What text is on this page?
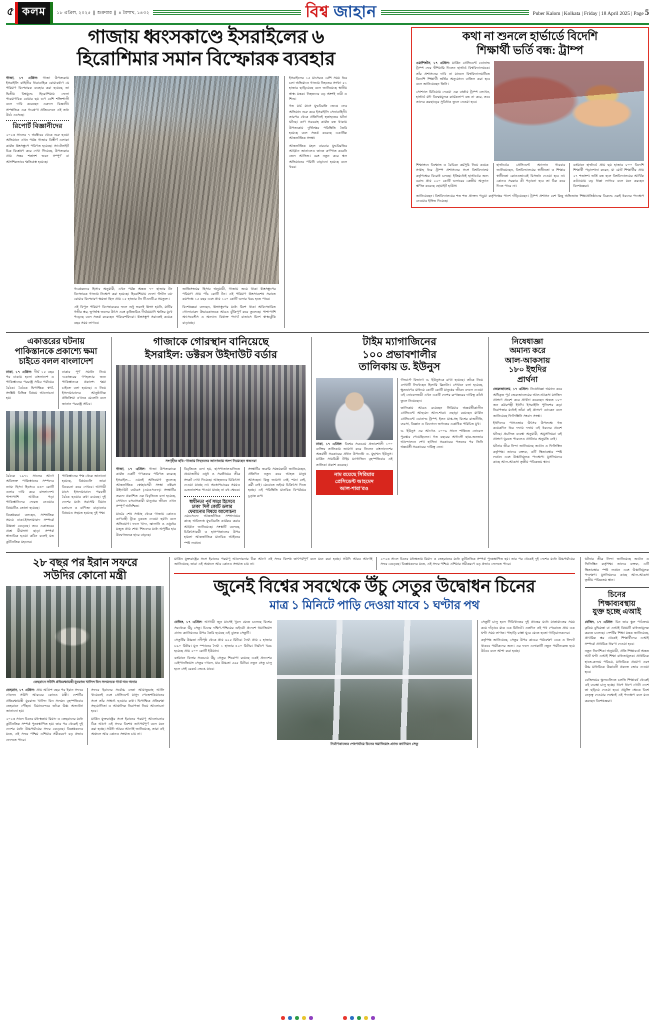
৫ কলম	১৮ এপ্রিল, ২০২৫ ❙ শুক্রবার ❙ ৪ বৈশাখ, ১৪৩২	বিশ্ব জাহান	Puber Kalom | Kolkata | Friday | 18 April 2025 | Page 5
গাজায় ধ্বংসকাণ্ডে ইসরাইলের ৬
হিরোশিমার সমান বিস্ফোরক ব্যবহার

গাজা, ১৭ এপ্রিল: গাজা উপত্যকায় ইসরাইলি বাহিনীর ধারাবাহিক বোমাবর্ষণে যে পরিমাণ বিস্ফোরক ব্যবহার করা হয়েছে, তা দ্বিতীয় বিশ্বযুদ্ধে হিরোশিমায় ফেলা পারমাণবিক বোমার ছয় গুণ বেশি শক্তিশালী বলে দাবি করেছেন একদল বিজ্ঞানী। সাম্প্রতিক এক গবেষণা প্রতিবেদনে এই তথ্য উঠে এসেছে।

রিপোর্ট বিজ্ঞানীদের

২০২৩ সালের ৭ অক্টোবর থেকে শুরু হওয়া অভিযানে এখন পর্যন্ত গাজার বিস্তীর্ণ এলাকা কার্যত ধ্বংসস্তূপে পরিণত হয়েছে। স্যাটেলাইট চিত্র বিশ্লেষণ করে দেখা গিয়েছে, উপত্যকার প্রায় সত্তর শতাংশ ভবন সম্পূর্ণ বা আংশিকভাবে ক্ষতিগ্রস্ত হয়েছে।

গবেষকদের হিসাব অনুযায়ী, এখন পর্যন্ত অন্তত ৭০ হাজার টন বিস্ফোরক গাজায় নিক্ষেপ করা হয়েছে। হিরোশিমায় ফেলা 'লিটল বয়' বোমার বিস্ফোরণ ক্ষমতা ছিল প্রায় ১৫ হাজার টন টিএনটি-র সমতুল্য।

এই বিপুল পরিমাণ বিস্ফোরকের ফলে শুধু ভবনই ধ্বংস হয়নি, মাটির গভীর স্তর, ভূগর্ভস্থ জলের উৎস এবং কৃষিজমিও দীর্ঘমেয়াদি ক্ষতির মুখে পড়েছে বলে সতর্ক করেছেন পরিবেশবিদরা। ধ্বংসস্তূপ সরাতেই কয়েক বছর সময় লাগবে।

জাতিসংঘের হিসাব অনুযায়ী, গাজায় জমে থাকা ধ্বংসস্তূপের পরিমাণ প্রায় পাঁচ কোটি টন। এই পরিমাণ ধ্বংসাবশেষ সরাতে কমপক্ষে ১৫ বছর এবং প্রায় ১২০ কোটি ডলার খরচ হতে পারে।

বিশেষজ্ঞরা বলছেন, ধ্বংসস্তূপের মধ্যে মিশে থাকা অবিস্ফোরিত গোলাবারুদ উদ্ধারকাজকে আরও ঝুঁকিপূর্ণ করে তুলেছে। পাশাপাশি অ্যাসবেস্টস ও অন্যান্য বিষাক্ত পদার্থ বাতাসে মিশে স্বাস্থ্যঝুঁকি বাড়াচ্ছে।

ইসরাইলের ১৫ মাসেরও বেশি সময় ধরে চলা অভিযানে গাজায় নিহতের সংখ্যা ৫১ হাজার ছাড়িয়েছে বলে জানিয়েছে স্থানীয় স্বাস্থ্য মন্ত্রক। নিহতদের বড় অংশই নারী ও শিশু।

গত মার্চ মাসে যুদ্ধবিরতি ভেঙে ফের অভিযান শুরু করে ইসরাইলি সেনাবাহিনী। তারপর থেকে প্রতিদিনই হতাহতের ঘটনা ঘটছে। ত্রাণ সরবরাহ কার্যত বন্ধ থাকায় উপত্যকায় দুর্ভিক্ষের পরিস্থিতি তৈরি হয়েছে বলে সতর্ক করেছে একাধিক আন্তর্জাতিক সংস্থা।

আন্তর্জাতিক মহল বারবার যুদ্ধবিরতির আহ্বান জানালেও তাতে কর্ণপাত করেনি তেল আভিভ। বরং নতুন করে স্থল অভিযানের পরিধি বাড়ানো হয়েছে বলে খবর।

কথা না শুনলে হার্ভার্ডে বিদেশি
শিক্ষার্থী ভর্তি বন্ধ: ট্রাম্প

ওয়াশিংটন, ১৭ এপ্রিল: মার্কিন প্রেসিডেন্ট ডোনাল্ড ট্রাম্প ফের হুঁশিয়ারি দিলেন হার্ভার্ড বিশ্ববিদ্যালয়কে। তাঁর প্রশাসনের দাবি না মানলে বিশ্ববিদ্যালয়টিতে বিদেশি শিক্ষার্থী ভর্তির অনুমোদন বাতিল করা হবে বলে জানিয়েছেন তিনি।

সোশ্যাল মিডিয়ায় দেওয়া এক বার্তায় ট্রাম্প লেখেন, হার্ভার্ড যদি বিদ্বেষমূলক কার্যকলাপ বন্ধ না করে, তবে তাদের করছাড়ের সুবিধাও তুলে নেওয়া হবে।

শিক্ষাঙ্গনে বিক্ষোভ ও বৈচিত্র্য কর্মসূচি নিয়ে কয়েক সপ্তাহ ধরে ট্রাম্প প্রশাসনের সঙ্গে বিশ্ববিদ্যালয় কর্তৃপক্ষের বিরোধ চলছে। ইতিমধ্যেই হার্ভার্ডের জন্য বরাদ্দ প্রায় ২২০ কোটি ডলারের কেন্দ্রীয় অনুদান স্থগিত করেছে হোয়াইট হাউস।

হার্ভার্ডের প্রেসিডেন্ট অ্যালান গারবার জানিয়েছেন, বিশ্ববিদ্যালয়ের স্বাধীনতা ও শিক্ষার স্বাধীনতা কোনওভাবেই বিসর্জন দেওয়া হবে না। কোনও সরকার কী পড়ানো হবে তা ঠিক করে দিতে পারে না।

বর্তমানে হার্ভার্ডে প্রায় ছয় হাজার ৮০০ বিদেশি শিক্ষার্থী পড়াশোনা করেন, যা মোট শিক্ষার্থীর প্রায় ২৭ শতাংশ। ভর্তি বন্ধ হলে বিশ্ববিদ্যালয়ের আর্থিক কাঠামোয় বড় ধাক্কা লাগবে বলে মনে করছেন বিশেষজ্ঞরা।

জানিয়েছেন। বিশ্ববিদ্যালয়ের শত শত প্রাক্তন পড়ুয়া কর্তৃপক্ষের পাশে দাঁড়িয়েছেন। ট্রাম্প প্রশাসন বেশ কিছু অভিজাত শিক্ষাপ্রতিষ্ঠানের বিরুদ্ধে একই ধরনের পদক্ষেপ নেওয়ার ইঙ্গিত দিয়েছে।
একাত্তরের ঘটনায়
পাকিস্তানকে প্রকাশ্যে ক্ষমা
চাইতে বলল বাংলাদেশ

ঢাকা, ১৭ এপ্রিল: দীর্ঘ ১৫ বছর পর ঢাকায় হলো বাংলাদেশ ও পাকিস্তানের পররাষ্ট্র সচিব পর্যায়ের বৈঠক। বৈঠকে দ্বিপাক্ষিক স্বার্থ-সংশ্লিষ্ট বিভিন্ন বিষয়ে আলোচনা হয়।

ঢাকার পূর্ণ সমর্থন নিয়ে 'একাত্তরের গণহত্যার জন্য পাকিস্তানকে প্রকাশ্যে ক্ষমা চাইতে' বলা হয়েছে। এ নিয়ে ইসলামাবাদের আনুষ্ঠানিক প্রতিক্রিয়া এখনও মেলেনি বলে জানান পররাষ্ট্র সচিব।

বৈঠকে ১৯৭১ সালের আগে অবিভক্ত পাকিস্তানের সম্পদের ন্যায্য হিস্যা হিসেবে ৪৩০ কোটি ডলার দাবি করে বাংলাদেশ। পাশাপাশি আটকে পড়া পাকিস্তানিদের ফেরত নেওয়ার বিষয়টিও তোলা হয়েছে।

বিশ্লেষকরা বলছেন, সাম্প্রতিক সময়ে ঢাকা-ইসলামাবাদ সম্পর্কে উষ্ণতা বেড়েছে। তবে একাত্তরের প্রশ্নে মীমাংসা ছাড়া সম্পর্ক স্বাভাবিক হওয়া কঠিন বলেই মত কূটনৈতিক মহলের।

পাকিস্তানের পক্ষ থেকে জানানো হয়েছে, বিষয়গুলি তারা বিবেচনা করে দেখবে। আগামী মাসে ইসলামাবাদে পরবর্তী বৈঠক হওয়ার কথা রয়েছে। দুই দেশের মধ্যে সরাসরি বিমান চলাচল ও বাণিজ্য বাড়ানোর বিষয়েও সহমত হয়েছে দুই পক্ষ।

গাজাকে গোরস্থান বানিয়েছে
ইসরাইল: ডক্টরস উইদাউট বর্ডার
সংগৃহীত ছবি: গাজায় নিহতদের জানাজায় অংশ নিয়েছেন স্বজনরা

গাজা, ১৭ এপ্রিল: গাজা উপত্যকাকে কার্যত একটি গণকবরে পরিণত করেছে ইসরাইল— এমনই অভিযোগ তুলেছে আন্তর্জাতিক স্বেচ্ছাসেবী সংস্থা ডক্টরস উইদাউট বর্ডারস (এমএসএফ)। সংস্থাটির তরফে প্রকাশিত এক বিবৃতিতে বলা হয়েছে, সেখানে বসবাসকারী মানুষের জীবন এখন সম্পূর্ণ অনিশ্চিত।

মার্চের শেষ সপ্তাহ থেকে গাজায় কোনও ত্রাণবাহী ট্রাক ঢুকতে দেওয়া হয়নি বলে অভিযোগ। ফলে খাদ্য, জ্বালানি ও ওষুধের মজুত প্রায় শেষ। শিশুদের মধ্যে অপুষ্টির হার উদ্বেগজনক হারে বাড়ছে।

বিবৃতিতে বলা হয়, হাসপাতালগুলিতে প্রয়োজনীয় ওষুধ ও সরঞ্জামের তীব্র সংকট দেখা দিয়েছে। আহতদের চিকিৎসা দেওয়া যাচ্ছে না। অস্ত্রোপচারের সময়ও চেতনানাশক পাওয়া যাচ্ছে না বহু ক্ষেত্রে।

স্বাধীনতা পূর্ব সমগ্র হিসেবে ঢাকা' দিল কোটি ডলার ফেরানোর বিষয়ে আলোচনা

এমএসএফ আন্তর্জাতিক সম্প্রদায়ের কাছে অবিলম্বে যুদ্ধবিরতি কার্যকর করার আহ্বান জানিয়েছে। সংস্থাটি বলেছে, চিকিৎসাকর্মী ও হাসপাতালের উপর হামলা আন্তর্জাতিক মানবিক আইনের স্পষ্ট লঙ্ঘন।

সংস্থাটির জরুরি সমন্বয়কারী জানিয়েছেন, প্রতিদিন নতুন করে আহত মানুষ আসছেন। কিন্তু জায়গা নেই, শয্যা নেই, কর্মী নেই। মেঝেতে শুইয়ে চিকিৎসা দিতে হচ্ছে। এই পরিস্থিতি মানবিক বিপর্যয়ের চূড়ান্ত রূপ।

টাইম ম্যাগাজিনের
১০০ প্রভাবশালীর
তালিকায় ড. ইউনুস

ঢাকা, ১৭ এপ্রিল: বিশ্বের সবচেয়ে প্রভাবশালী ১০০ ব্যক্তির তালিকায় জায়গা করে নিলেন বাংলাদেশের অন্তর্বর্তী সরকারের প্রধান উপদেষ্টা ড. মুহাম্মদ ইউনুস। মার্কিন সাময়িকী টাইম ম্যাগাজিন বৃহস্পতিবার এই তালিকা প্রকাশ করেছে।

নাম রয়েছে সিরিয়ার
প্রেসিডেন্ট আহমেদ
আল-শারা'রও

'লিডার্স' বিভাগে ড. ইউনুসকে রাখা হয়েছে। তাঁকে নিয়ে লেখাটি লিখেছেন হিলারি ক্লিনটন। সেখানে বলা হয়েছে, ক্ষুদ্রঋণের মাধ্যমে কোটি কোটি মানুষের জীবন বদলে দেওয়া এই নোবেলজয়ী এখন একটি দেশের রূপান্তরের দায়িত্ব কাঁধে তুলে নিয়েছেন।

তালিকায় আরও রয়েছেন সিরিয়ার অন্তর্বর্তীকালীন প্রেসিডেন্ট আহমেদ আল-শারা। এছাড়া রয়েছেন মার্কিন প্রেসিডেন্ট ডোনাল্ড ট্রাম্প, ইলন মাস্ক-সহ বিশ্বের রাজনীতি, ব্যবসা, বিজ্ঞান ও বিনোদন জগতের একাধিক পরিচিত মুখ।

ড. ইউনুস এর আগেও ২০০৬ সালে শান্তিতে নোবেল পুরস্কার পেয়েছিলেন। গত বছরের অগাস্টে ছাত্র-জনতার আন্দোলনে শেখ হাসিনা সরকারের পতনের পর তিনি অন্তর্বর্তী সরকারের দায়িত্ব নেন।

নিষেধাজ্ঞা
অমান্য করে
আল-আকসায়
১৮০ ইহুদির
প্রার্থনা

জেরুজালেম, ১৭ এপ্রিল: নিষেধাজ্ঞা অমান্য করে অধিকৃত পূর্ব জেরুজালেমের আল-আকসা মসজিদ প্রাঙ্গণে প্রবেশ করে প্রার্থনা করেছেন অন্তত ১৮০ জন কট্টরপন্থী ইহুদি। ইসরাইলি পুলিশের কড়া নিরাপত্তার মধ্যেই তাঁরা ওই প্রাঙ্গণে ঢোকেন বলে জানিয়েছে ফিলিস্তিনি সংবাদ সংস্থা।

ইহুদিদের পাসওভার উৎসব উপলক্ষে গত কয়েকদিন ধরে দফায় দফায় এই ধরনের প্রবেশ ঘটছে। প্রচলিত ব্যবস্থা অনুযায়ী, অমুসলিমরা ওই প্রাঙ্গণে ঘুরতে পারলেও প্রার্থনার অনুমতি নেই।

ঘটনার তীব্র নিন্দা জানিয়েছে জর্ডান ও ফিলিস্তিন কর্তৃপক্ষ। তাদের বক্তব্য, এটি স্থিতাবস্থার স্পষ্ট লঙ্ঘন এবং উস্কানিমূলক পদক্ষেপ। মুসলিমদের কাছে আল-আকসা তৃতীয় পবিত্রতম স্থান।

২৮ বছর পর ইরান সফরে
সউদির কোনো মন্ত্রী
তেহরানে সউদি প্রতিরক্ষামন্ত্রী যুবরাজ খালিদ বিন সলমনকে গার্ড অব অনার

তেহরান, ১৭ এপ্রিল: প্রায় আঠাশ বছর পর ইরান সফরে গেলেন সউদি আরবের কোনও মন্ত্রী। দেশটির প্রতিরক্ষামন্ত্রী যুবরাজ খালিদ বিন সলমন বৃহস্পতিবার তেহরানে পৌঁছন। বিমানবন্দরে তাঁকে উষ্ণ অভ্যর্থনা জানানো হয়।

২০২৩ সালে চিনের মধ্যস্থতায় রিয়াদ ও তেহরানের মধ্যে কূটনৈতিক সম্পর্ক পুনঃস্থাপিত হয়। তার পর থেকেই দুই দেশের মধ্যে উচ্চপর্যায়ের সফর বেড়েছে। বিশ্লেষকদের মতে, এই সফর পশ্চিম এশিয়ার সমীকরণে বড় প্রভাব ফেলতে পারে।

সফরে ইরানের সর্বোচ্চ নেতা আয়াতুল্লাহ আলি খামেনেই এবং প্রেসিডেন্ট মাসুদ পেজেশকিয়ানের সঙ্গে তাঁর সাক্ষাৎ হওয়ার কথা। দ্বিপাক্ষিক প্রতিরক্ষা সহযোগিতা ও আঞ্চলিক নিরাপত্তা নিয়ে আলোচনা হবে।

মার্কিন যুক্তরাষ্ট্রের সঙ্গে ইরানের পরমাণু আলোচনার ঠিক আগে এই সফর বিশেষ তাৎপর্যপূর্ণ বলে মনে করা হচ্ছে। সউদি আরব আগেই জানিয়েছে, তারা এই অঞ্চলে আর কোনও সংঘাত চায় না।

মার্কিন যুক্তরাষ্ট্রের সঙ্গে ইরানের পরমাণু আলোচনার ঠিক আগে এই সফর বিশেষ তাৎপর্যপূর্ণ বলে মনে করা হচ্ছে। সউদি আরব আগেই জানিয়েছে, তারা এই অঞ্চলে আর কোনও সংঘাত চায় না।

২০২৩ সালে চিনের মধ্যস্থতায় রিয়াদ ও তেহরানের মধ্যে কূটনৈতিক সম্পর্ক পুনঃস্থাপিত হয়। তার পর থেকেই দুই দেশের মধ্যে উচ্চপর্যায়ের সফর বেড়েছে। বিশ্লেষকদের মতে, এই সফর পশ্চিম এশিয়ার সমীকরণে বড় প্রভাব ফেলতে পারে।

জুনেই বিশ্বের সবথেকে উঁচু সেতুর উদ্বোধন চিনের
মাত্র ১ মিনিটে পাড়ি দেওয়া যাবে ১ ঘণ্টার পথ

বেজিং, ১৭ এপ্রিল: আগামী জুন মাসেই খুলে যেতে চলেছে বিশ্বের সবথেকে উঁচু সেতু। চিনের দক্ষিণ-পশ্চিমের গুইঝৌ প্রদেশে হুয়াজিয়াং গ্র্যান্ড ক্যানিয়নের উপর তৈরি হয়েছে এই ঝুলন্ত সেতুটি।

সেতুটির উচ্চতা নদীপৃষ্ঠ থেকে প্রায় ৬২৫ মিটার। দৈর্ঘ্য প্রায় ২ হাজার ৮৯০ মিটার। মূল স্প্যানের দৈর্ঘ্য ১ হাজার ৪২০ মিটার। নির্মাণে খরচ হয়েছে প্রায় ২০০ কোটি ইউয়ান।

বর্তমানে বিশ্বের সবচেয়ে উঁচু সেতুর শিরোপা রয়েছে একই প্রদেশের বেইপানজিয়াং সেতুর দখলে, যার উচ্চতা ৫৬৫ মিটার। নতুন সেতু চালু হলে সেই রেকর্ড ভেঙে যাবে।

নির্মাণকাজের শেষপর্যায়ে চিনের হুয়াজিয়াং গ্র্যান্ড ক্যানিয়ন সেতু

সেতুটি চালু হলে গিরিখাতের দুই প্রান্তের মধ্যে যাতায়াতের সময় কমে দাঁড়াবে মাত্র এক মিনিটে। এতদিন ওই পথ পেরোতে প্রায় এক ঘণ্টা সময় লাগত। পাহাড়ি রাস্তা ঘুরে যেতে হতো গাড়িচালকদের।

কর্তৃপক্ষ জানিয়েছে, সেতুর উপর কাচের পর্যবেক্ষণ ডেক ও লিফট থাকবে পর্যটকদের জন্য। এর ফলে এলাকাটি নতুন পর্যটনকেন্দ্র হয়ে উঠবে বলে আশা করা হচ্ছে।

ঘটনার তীব্র নিন্দা জানিয়েছে জর্ডান ও ফিলিস্তিন কর্তৃপক্ষ। তাদের বক্তব্য, এটি স্থিতাবস্থার স্পষ্ট লঙ্ঘন এবং উস্কানিমূলক পদক্ষেপ। মুসলিমদের কাছে আল-আকসা তৃতীয় পবিত্রতম স্থান।

চিনের
শিক্ষাব্যবস্থায়
যুক্ত হচ্ছে এআই

বেজিং, ১৭ এপ্রিল: চিন তার স্কুল পাঠক্রমে কৃত্রিম বুদ্ধিমত্তা বা এআই বিষয়টি বাধ্যতামূলক করতে চলেছে। দেশটির শিক্ষা মন্ত্রক জানিয়েছে, প্রাথমিক স্তর থেকেই শিক্ষার্থীদের এআই সম্পর্কে প্রাথমিক ধারণা দেওয়া হবে।

নতুন নির্দেশিকা অনুযায়ী, প্রতি শিক্ষাবর্ষে অন্তত আট ঘণ্টা এআই শিক্ষা বাধ্যতামূলক। প্রাথমিকে হাতে-কলমে পরিচয়, মাধ্যমিকে প্রয়োগ এবং উচ্চ মাধ্যমিকে উদ্ভাবনী প্রকল্পে জোর দেওয়া হবে।

বেজিংয়ের স্কুলগুলিতে চলতি শিক্ষাবর্ষ থেকেই এই ব্যবস্থা চালু হচ্ছে। ধাপে ধাপে গোটা দেশে তা ছড়িয়ে দেওয়া হবে। প্রযুক্তি ক্ষেত্রে বিশ্বে নেতৃত্ব দেওয়ার লক্ষ্যেই এই পদক্ষেপ বলে মনে করছেন বিশেষজ্ঞরা।
